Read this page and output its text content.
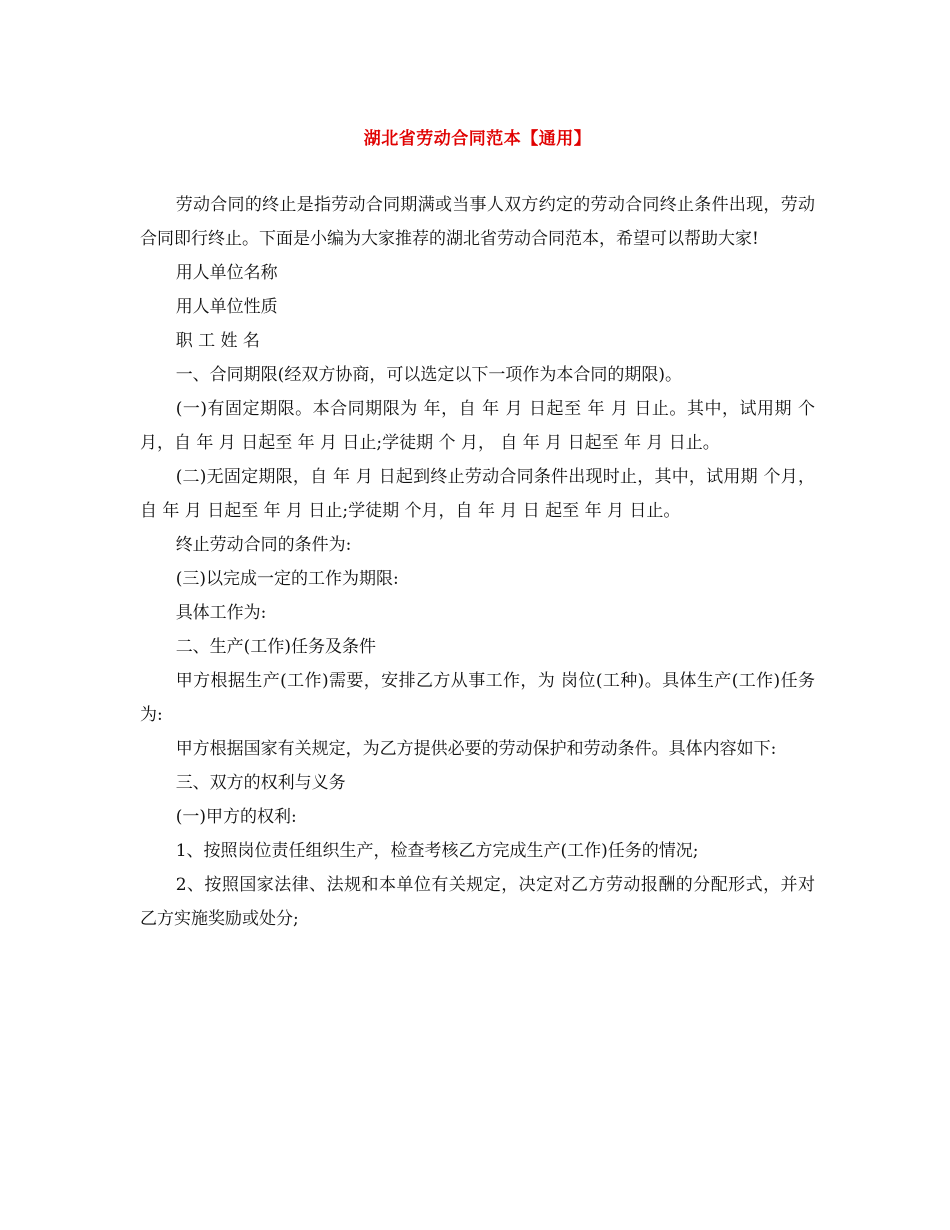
湖北省劳动合同范本【通用】

劳动合同的终止是指劳动合同期满或当事人双方约定的劳动合同终止条件出现，劳动合同即行终止。下面是小编为大家推荐的湖北省劳动合同范本，希望可以帮助大家!

用人单位名称

用人单位性质

职 工 姓 名

一、合同期限(经双方协商，可以选定以下一项作为本合同的期限)。

(一)有固定期限。本合同期限为 年，自 年 月 日起至 年 月 日止。其中，试用期 个月，自 年 月 日起至 年 月 日止;学徒期 个 月， 自 年 月 日起至 年 月 日止。

(二)无固定期限，自 年 月 日起到终止劳动合同条件出现时止，其中，试用期 个月，自 年 月 日起至 年 月 日止;学徒期 个月，自 年 月 日 起至 年 月 日止。

终止劳动合同的条件为:

(三)以完成一定的工作为期限:

具体工作为:

二、生产(工作)任务及条件

甲方根据生产(工作)需要，安排乙方从事工作，为 岗位(工种)。具体生产(工作)任务为:

甲方根据国家有关规定，为乙方提供必要的劳动保护和劳动条件。具体内容如下:

三、双方的权利与义务

(一)甲方的权利:

1、按照岗位责任组织生产，检查考核乙方完成生产(工作)任务的情况;

2、按照国家法律、法规和本单位有关规定，决定对乙方劳动报酬的分配形式，并对乙方实施奖励或处分;
